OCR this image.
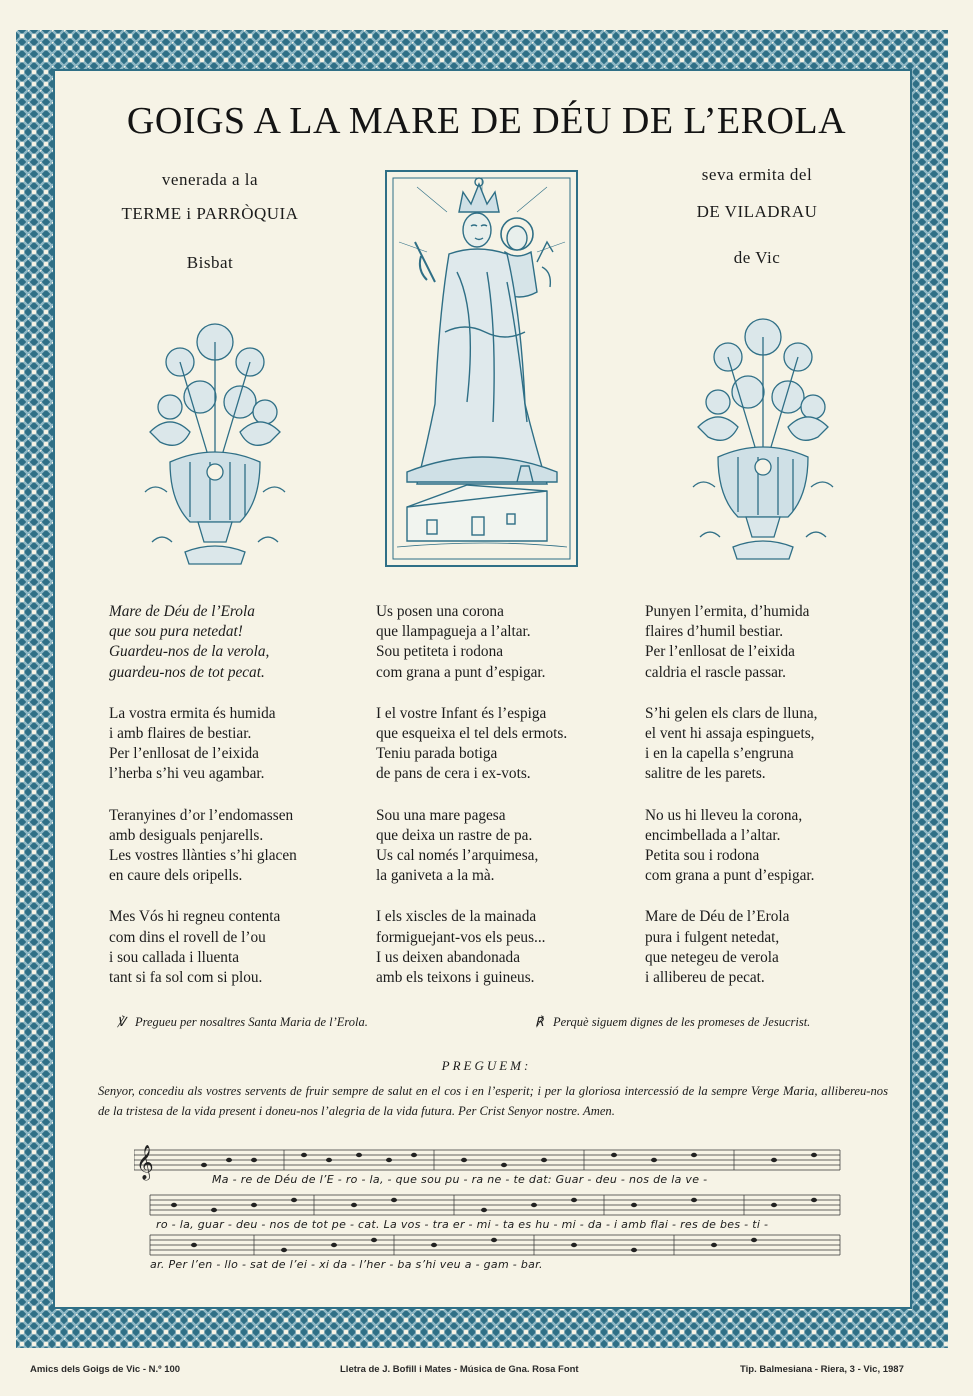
GOIGS A LA MARE DE DÉU DE L’EROLA
venerada a la
TERME i PARRÒQUIA
Bisbat
seva ermita del
DE VILADRAU
de Vic
Mare de Déu de l’Erola
que sou pura netedat!
Guardeu-nos de la verola,
guardeu-nos de tot pecat.
La vostra ermita és humida
i amb flaires de bestiar.
Per l’enllosat de l’eixida
l’herba s’hi veu agambar.
Teranyines d’or l’endomassen
amb desiguals penjarells.
Les vostres llànties s’hi glacen
en caure dels oripells.
Mes Vós hi regneu contenta
com dins el rovell de l’ou
i sou callada i lluenta
tant si fa sol com si plou.
Us posen una corona
que llampagueja a l’altar.
Sou petiteta i rodona
com grana a punt d’espigar.
I el vostre Infant és l’espiga
que esqueixa el tel dels ermots.
Teniu parada botiga
de pans de cera i ex-vots.
Sou una mare pagesa
que deixa un rastre de pa.
Us cal només l’arquimesa,
la ganiveta a la mà.
I els xiscles de la mainada
formiguejant-vos els peus...
I us deixen abandonada
amb els teixons i guineus.
Punyen l’ermita, d’humida
flaires d’humil bestiar.
Per l’enllosat de l’eixida
caldria el rascle passar.
S’hi gelen els clars de lluna,
el vent hi assaja espinguets,
i en la capella s’engruna
salitre de les parets.
No us hi lleveu la corona,
encimbellada a l’altar.
Petita sou i rodona
com grana a punt d’espigar.
Mare de Déu de l’Erola
pura i fulgent netedat,
que netegeu de verola
i allibereu de pecat.
℣ Pregueu per nosaltres Santa Maria de l’Erola.	℟ Perquè siguem dignes de les promeses de Jesucrist.
PREGUEM:
Senyor, concediu als vostres servents de fruir sempre de salut en el cos i en l’esperit; i per la gloriosa intercessió de la sempre Verge Maria, allibereu-nos de la tristesa de la vida present i doneu-nos l’alegria de la vida futura. Per Crist Senyor nostre. Amen.
𝄞	Ma - re de Déu de l’E - ro - la, - que sou pu - ra ne - te dat: Guar - deu - nos de la ve -
ro - la, guar - deu - nos de tot pe - cat. La vos - tra er - mi - ta es hu - mi - da - i amb flai - res de bes - ti -
ar. Per l’en - llo - sat de l’ei - xi da - l’her - ba s’hi veu a - gam - bar.
Amics dels Goigs de Vic - N.º 100	Lletra de J. Bofill i Mates - Música de Gna. Rosa Font	Tip. Balmesiana - Riera, 3 - Vic, 1987
